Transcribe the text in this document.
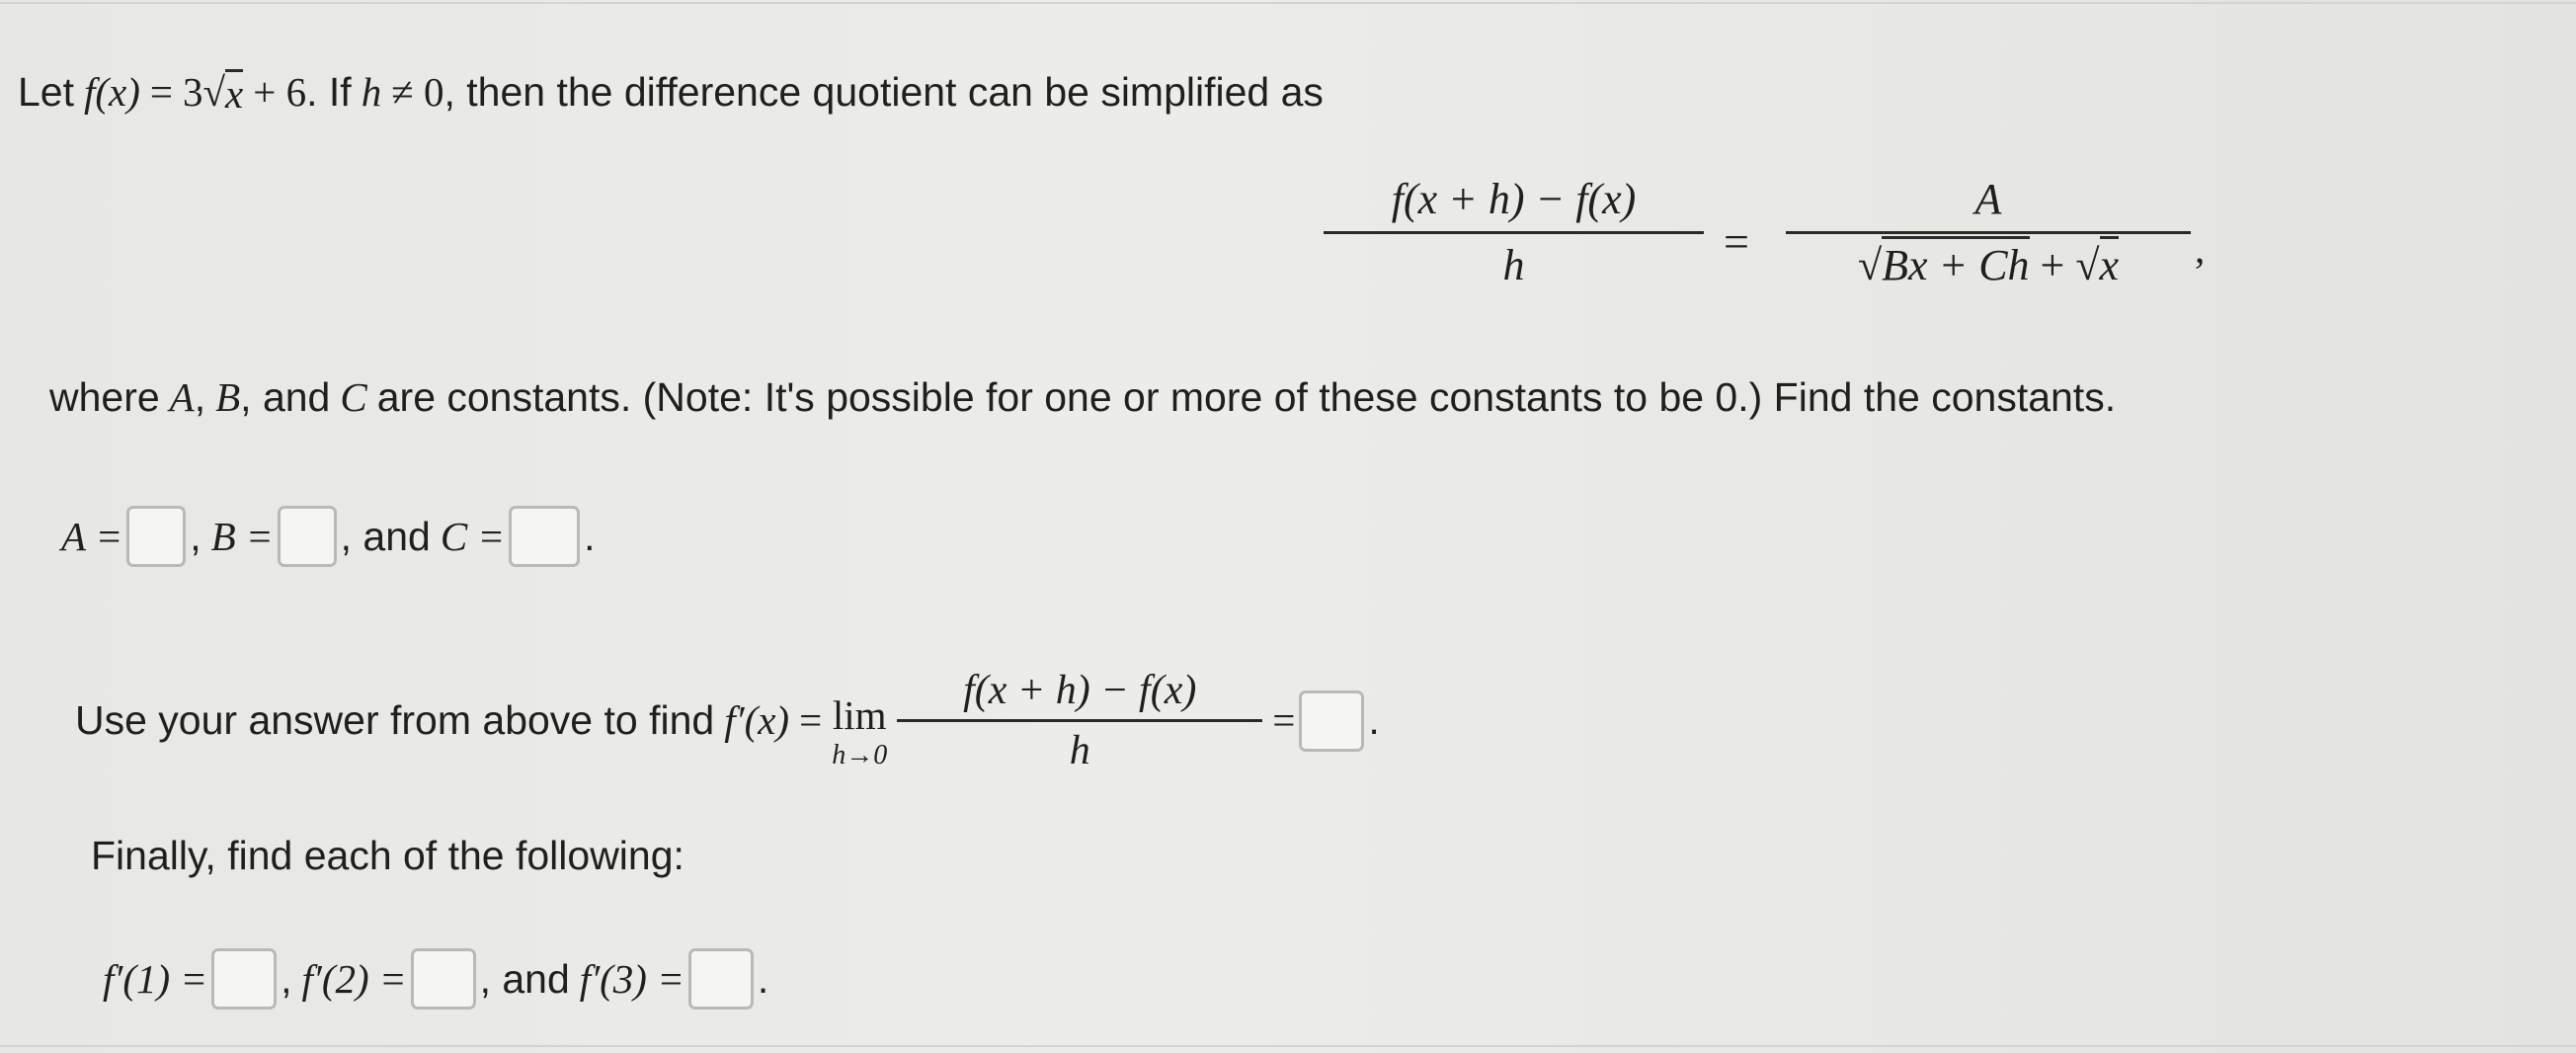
Let f(x) = 3 √ x + 6 . If h ≠ 0 , then the difference quotient can be simplified as
f(x + h) − f(x)
h	=
A
√Bx + Ch + √x ,
where A , B , and C are constants. (Note: It's possible for one or more of these constants to be 0.) Find the constants.
A = , B = , and C = .
Use your answer from above to find f′(x) = lim
h→0
f(x + h) − f(x)
h
= .
Finally, find each of the following:
f′(1) = , f′(2) = , and f′(3) = .
